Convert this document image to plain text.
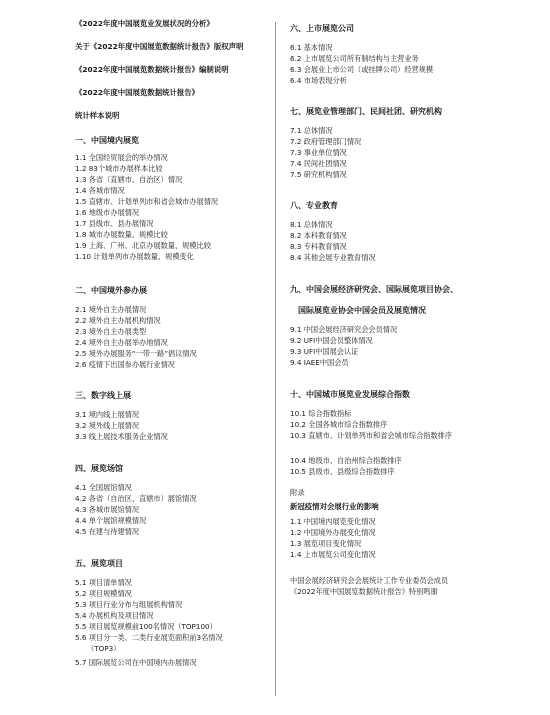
《2022年度中国展览业发展状况的分析》
关于《2022年度中国展览数据统计报告》版权声明
《2022年度中国展览数据统计报告》编制说明
《2022年度中国展览数据统计报告》
统计样本说明
一、中国境内展览
1.1 全国经贸展会的举办情况
1.2 83个城市办展样本比较
1.3 各省（直辖市、自治区）情况
1.4 各城市情况
1.5 直辖市、计划单列市和省会城市办展情况
1.6 地级市办展情况
1.7 县级市、县办展情况
1.8 城市办展数量、规模比较
1.9 上海、广州、北京办展数量、规模比较
1.10 计划单列市办展数量、规模变化
二、中国境外参办展
2.1 境外自主办展情况
2.2 境外自主办展机构情况
2.3 境外自主办展类型
2.4 境外自主办展举办地情况
2.5 境外办展服务“一带一路”倡议情况
2.6 疫情下出国参办展行业情况
三、数字线上展
3.1 境内线上展情况
3.2 境外线上展情况
3.3 线上展技术服务企业情况
四、展览场馆
4.1 全国展馆情况
4.2 各省（自治区、直辖市）展馆情况
4.3 各城市展馆情况
4.4 单个展馆规模情况
4.5 在建与待建情况
五、展览项目
5.1 项目清单情况
5.2 项目规模情况
5.3 项目行业分布与组展机构情况
5.4 办展机构及项目情况
5.5 项目展览规模前100名情况（TOP100）
5.6 项目分一类、二类行业展览面积前3名情况
（TOP3）
5.7 国际展览公司在中国境内办展情况
六、上市展览公司
6.1 基本情况
6.2 上市展览公司所有制结构与主营业务
6.3 会展业上市公司（或挂牌公司）经营规模
6.4 市场表现分析
七、展览业管理部门、民间社团、研究机构
7.1 总体情况
7.2 政府管理部门情况
7.3 事业单位情况
7.4 民间社团情况
7.5 研究机构情况
八、专业教育
8.1 总体情况
8.2 本科教育情况
8.3 专科教育情况
8.4 其他会展专业教育情况
九、中国会展经济研究会、国际展览项目协会、
国际展览业协会中国会员及展览情况
9.1 中国会展经济研究会会员情况
9.2 UFI中国会员整体情况
9.3 UFI中国展会认证
9.4 IAEE中国会员
十、中国城市展览业发展综合指数
10.1 综合指数指标
10.2 全国各城市综合指数排序
10.3 直辖市、计划单列市和省会城市综合指数排序
10.4 地级市、自治州综合指数排序
10.5 县级市、县级综合指数排序
附录
新冠疫情对会展行业的影响
1.1 中国境内展览变化情况
1.2 中国境外办展变化情况
1.3 展览项目变化情况
1.4 上市展览公司变化情况
中国会展经济研究会会展统计工作专业委员会成员
《2022年度中国展览数据统计报告》特别鸣谢
